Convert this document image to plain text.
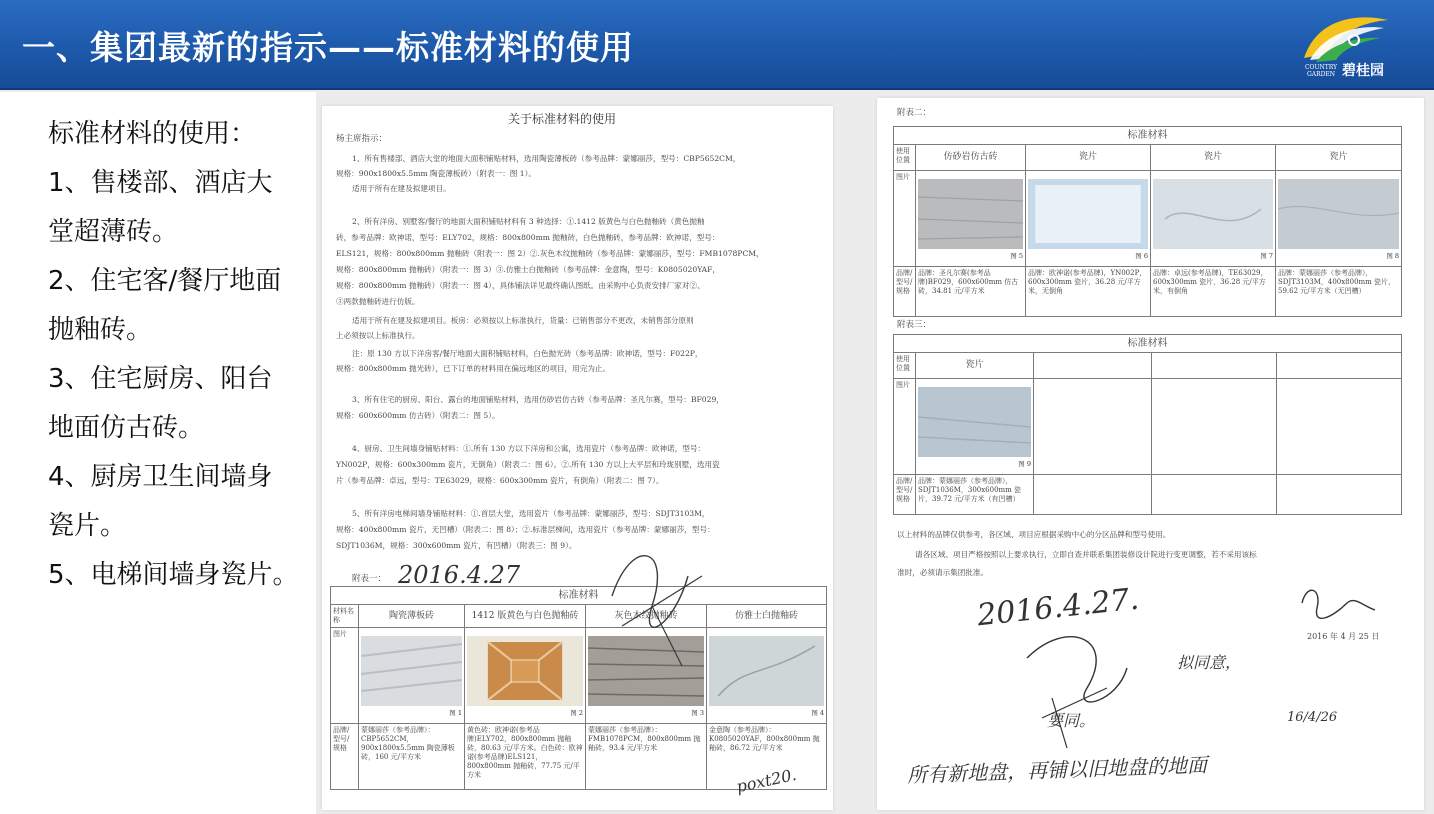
一、集团最新的指示——标准材料的使用
COUNTRY GARDEN 碧桂园
标准材料的使用：
1、售楼部、酒店大
堂超薄砖。
2、住宅客/餐厅地面
抛釉砖。
3、住宅厨房、阳台
地面仿古砖。
4、厨房卫生间墙身
瓷片。
5、电梯间墙身瓷片。
关于标准材料的使用
杨主席指示：
1、所有售楼部、酒店大堂的地面大面积铺贴材料，选用陶瓷薄板砖（参考品牌：蒙娜丽莎，型号：CBP5652CM，
规格：900x1800x5.5mm 陶瓷薄板砖）（附表一：图 1）。
适用于所有在建及拟建项目。
2、所有洋房、别墅客/餐厅的地面大面积铺贴材料有 3 种选择：①.1412 版黄色与白色抛釉砖（黄色抛釉
砖，参考品牌：欧神诺，型号：ELY702，规格：800x800mm 抛釉砖，白色抛釉砖，参考品牌：欧神诺，型号：
ELS121，规格：800x800mm 抛釉砖（附表一：图 2）②.灰色木纹抛釉砖（参考品牌：蒙娜丽莎，型号：FMB1078PCM，
规格：800x800mm 抛釉砖）（附表一：图 3）③.仿雅士白抛釉砖（参考品牌：金意陶，型号：K0805020YAF，
规格：800x800mm 抛釉砖）（附表一：图 4），具体铺法详见最终确认图纸。由采购中心负责安排厂家对②、
③两款抛釉砖进行仿版。
适用于所有在建及拟建项目。板房：必须按以上标准执行，货量：已销售部分不更改，未销售部分原则
上必须按以上标准执行。
注：原 130 方以下洋房客/餐厅地面大面积铺贴材料，白色抛光砖（参考品牌：欧神诺，型号：F022P，
规格：800x800mm 抛光砖），已下订单的材料用在偏远地区的项目，用完为止。
3、所有住宅的厨房、阳台、露台的地面铺贴材料，选用仿砂岩仿古砖（参考品牌：圣凡尔赛，型号：BF029，
规格：600x600mm 仿古砖）（附表二：图 5）。
4、厨房、卫生间墙身铺贴材料：①.所有 130 方以下洋房和公寓，选用瓷片（参考品牌：欧神诺，型号：
YN002P，规格：600x300mm 瓷片，无倒角）（附表二：图 6）。②.所有 130 方以上大平层和玲珑别墅，选用瓷
片（参考品牌：卓远，型号：TE63029，规格：600x300mm 瓷片，有倒角）（附表二：图 7）。
5、所有洋房电梯间墙身铺贴材料：①.首层大堂，选用瓷片（参考品牌：蒙娜丽莎，型号：SDJT3103M，
规格：400x800mm 瓷片，无凹槽）（附表二：图 8）；②.标准层梯间，选用瓷片（参考品牌：蒙娜丽莎，型号：
SDJT1036M，规格：300x600mm 瓷片，有凹槽）（附表三：图 9）。
附表一：
标准材料				
材料名称	陶瓷薄板砖	1412 版黄色与白色抛釉砖	灰色木纹抛釉砖	仿雅士白抛釉砖
图片	图 1	图 2	图 3	图 4

品牌/型号/规格	蒙娜丽莎（参考品牌）：CBP5652CM，900x1800x5.5mm 陶瓷薄板砖，160 元/平方米	黄色砖：欧神诺(参考品牌)ELY702，800x800mm 抛釉砖，80.63 元/平方米。白色砖：欧神诺(参考品牌)ELS121，800x800mm 抛釉砖，77.75 元/平方米	蒙娜丽莎（参考品牌）：FMB1078PCM，800x800mm 抛釉砖，93.4 元/平方米	金意陶（参考品牌）：K0805020YAF，800x800mm 抛釉砖，86.72 元/平方米
2016.4.27
poxt20.
附表二：
标准材料				
使用位置	仿砂岩仿古砖	瓷片	瓷片	瓷片
图片	图 5	图 6	图 7	图 8

品牌/型号/规格	品牌：圣凡尔赛(参考品牌)BF029，600x600mm 仿古砖，34.81 元/平方米	品牌：欧神诺(参考品牌)，YN002P，600x300mm 瓷片，36.28 元/平方米，无倒角	品牌：卓远(参考品牌)，TE63029，600x300mm 瓷片，36.28 元/平方米，有倒角	品牌：蒙娜丽莎（参考品牌），SDJT3103M，400x800mm 瓷片，59.62 元/平方米（无凹槽）
附表三：
标准材料				
使用位置	瓷片			
图片	图 9			

品牌/型号/规格	品牌：蒙娜丽莎（参考品牌），SDJT1036M，300x600mm 瓷片，39.72 元/平方米（有凹槽）			
以上材料的品牌仅供参考，各区域、项目应根据采购中心的分区品牌和型号使用。
请各区域、项目严格按照以上要求执行，立即自查并联系集团装修设计院进行变更调整，若不采用该标
准时，必须请示集团批准。
2016 年 4 月 25 日
2016.4.27.
拟同意，
要同。	16/4/26
所有新地盘，再铺以旧地盘的地面
